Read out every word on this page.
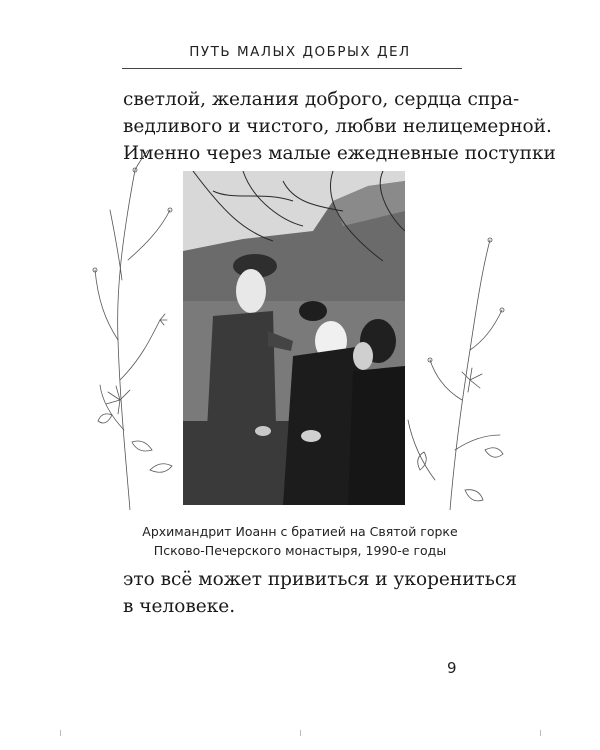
ПУТЬ МАЛЫХ ДОБРЫХ ДЕЛ
светлой, желания доброго, сердца спра-
ведливого и чистого, любви нелицемерной.
Именно через малые ежедневные поступки
Архимандрит Иоанн с братией на Святой горке
Псково-Печерского монастыря, 1990-е годы
это всё может привиться и укорениться
в человеке.
9
